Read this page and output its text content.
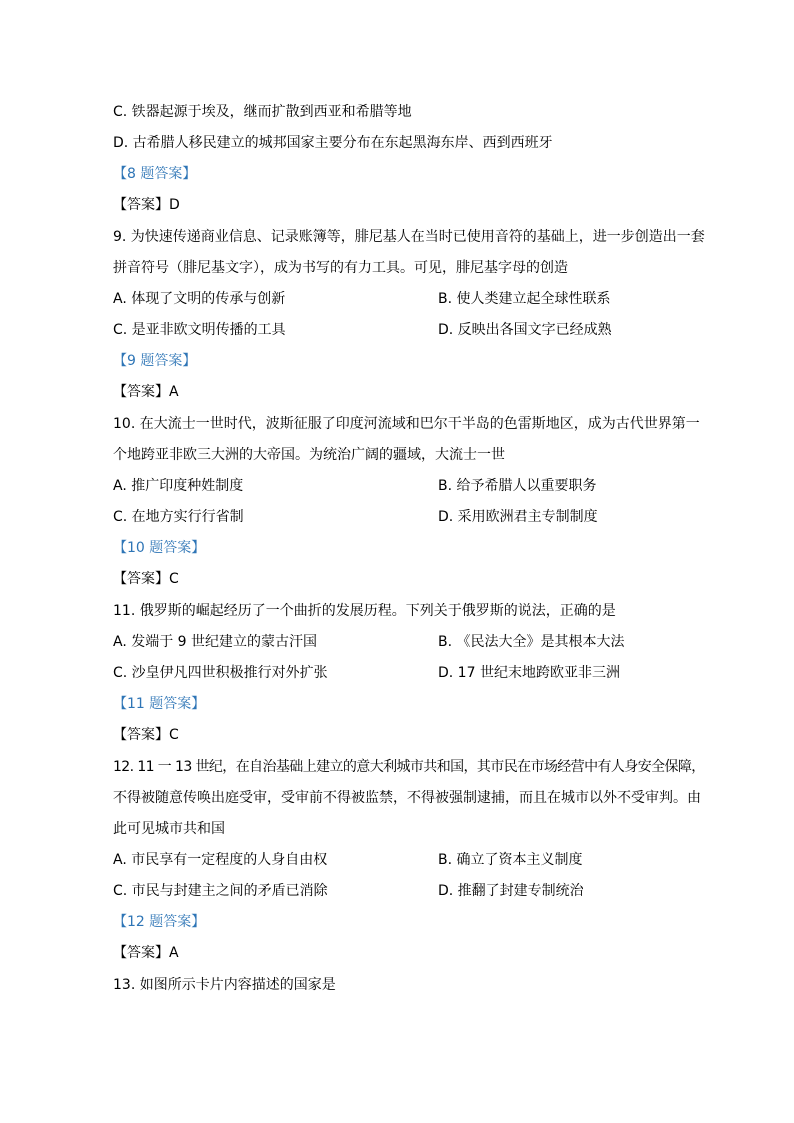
C. 铁器起源于埃及，继而扩散到西亚和希腊等地
D. 古希腊人移民建立的城邦国家主要分布在东起黑海东岸、西到西班牙
【8 题答案】
【答案】D
9. 为快速传递商业信息、记录账簿等，腓尼基人在当时已使用音符的基础上，进一步创造出一套
拼音符号（腓尼基文字），成为书写的有力工具。可见，腓尼基字母的创造
A. 体现了文明的传承与创新	B. 使人类建立起全球性联系
C. 是亚非欧文明传播的工具	D. 反映出各国文字已经成熟
【9 题答案】
【答案】A
10. 在大流士一世时代，波斯征服了印度河流域和巴尔干半岛的色雷斯地区，成为古代世界第一
个地跨亚非欧三大洲的大帝国。为统治广阔的疆域，大流士一世
A. 推广印度种姓制度	B. 给予希腊人以重要职务
C. 在地方实行行省制	D. 采用欧洲君主专制制度
【10 题答案】
【答案】C
11. 俄罗斯的崛起经历了一个曲折的发展历程。下列关于俄罗斯的说法，正确的是
A. 发端于 9 世纪建立的蒙古汗国	B. 《民法大全》是其根本大法
C. 沙皇伊凡四世积极推行对外扩张	D. 17 世纪末地跨欧亚非三洲
【11 题答案】
【答案】C
12. 11 一 13 世纪，在自治基础上建立的意大利城市共和国，其市民在市场经营中有人身安全保障，
不得被随意传唤出庭受审，受审前不得被监禁，不得被强制逮捕，而且在城市以外不受审判。由
此可见城市共和国
A. 市民享有一定程度的人身自由权	B. 确立了资本主义制度
C. 市民与封建主之间的矛盾已消除	D. 推翻了封建专制统治
【12 题答案】
【答案】A
13. 如图所示卡片内容描述的国家是
